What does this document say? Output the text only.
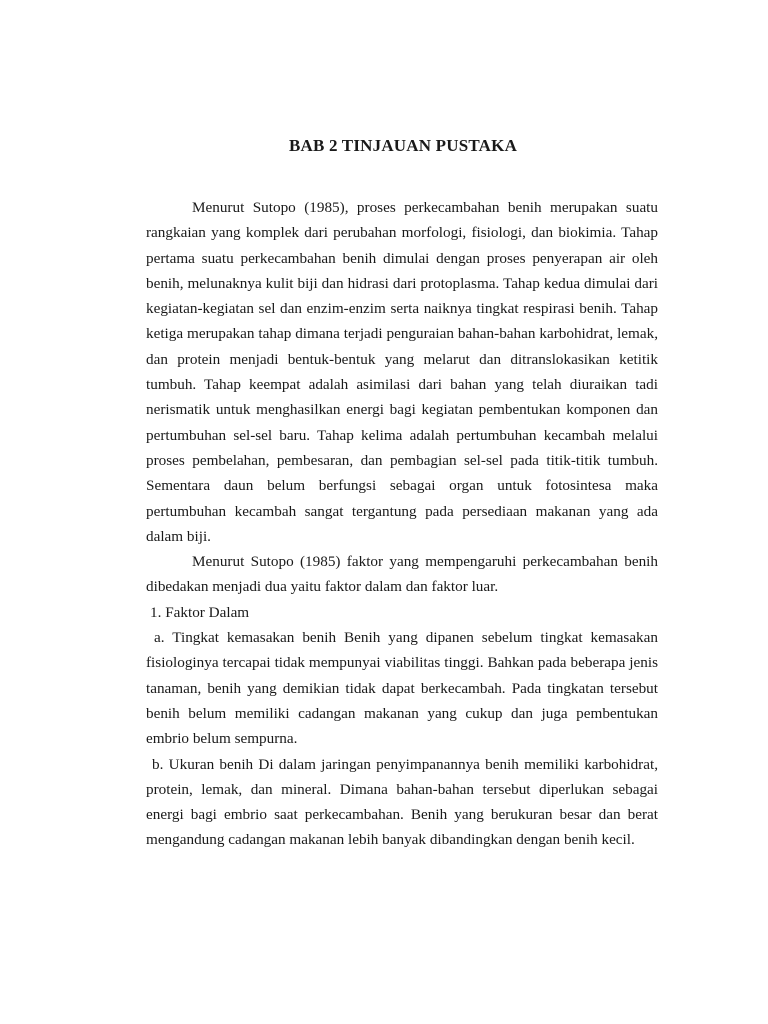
BAB 2 TINJAUAN PUSTAKA

Menurut Sutopo (1985), proses perkecambahan benih merupakan suatu rangkaian yang komplek dari perubahan morfologi, fisiologi, dan biokimia. Tahap pertama suatu perkecambahan benih dimulai dengan proses penyerapan air oleh benih, melunaknya kulit biji dan hidrasi dari protoplasma. Tahap kedua dimulai dari kegiatan-kegiatan sel dan enzim-enzim serta naiknya tingkat respirasi benih. Tahap ketiga merupakan tahap dimana terjadi penguraian bahan-bahan karbohidrat, lemak, dan protein menjadi bentuk-bentuk yang melarut dan ditranslokasikan ketitik tumbuh. Tahap keempat adalah asimilasi dari bahan yang telah diuraikan tadi nerismatik untuk menghasilkan energi bagi kegiatan pembentukan komponen dan pertumbuhan sel-sel baru. Tahap kelima adalah pertumbuhan kecambah melalui proses pembelahan, pembesaran, dan pembagian sel-sel pada titik-titik tumbuh. Sementara daun belum berfungsi sebagai organ untuk fotosintesa maka pertumbuhan kecambah sangat tergantung pada persediaan makanan yang ada dalam biji.

Menurut Sutopo (1985) faktor yang mempengaruhi perkecambahan benih dibedakan menjadi dua yaitu faktor dalam dan faktor luar.

1. Faktor Dalam

a. Tingkat kemasakan benih Benih yang dipanen sebelum tingkat kemasakan fisiologinya tercapai tidak mempunyai viabilitas tinggi. Bahkan pada beberapa jenis tanaman, benih yang demikian tidak dapat berkecambah. Pada tingkatan tersebut benih belum memiliki cadangan makanan yang cukup dan juga pembentukan embrio belum sempurna.

b. Ukuran benih Di dalam jaringan penyimpanannya benih memiliki karbohidrat, protein, lemak, dan mineral. Dimana bahan-bahan tersebut diperlukan sebagai energi bagi embrio saat perkecambahan. Benih yang berukuran besar dan berat mengandung cadangan makanan lebih banyak dibandingkan dengan benih kecil.
